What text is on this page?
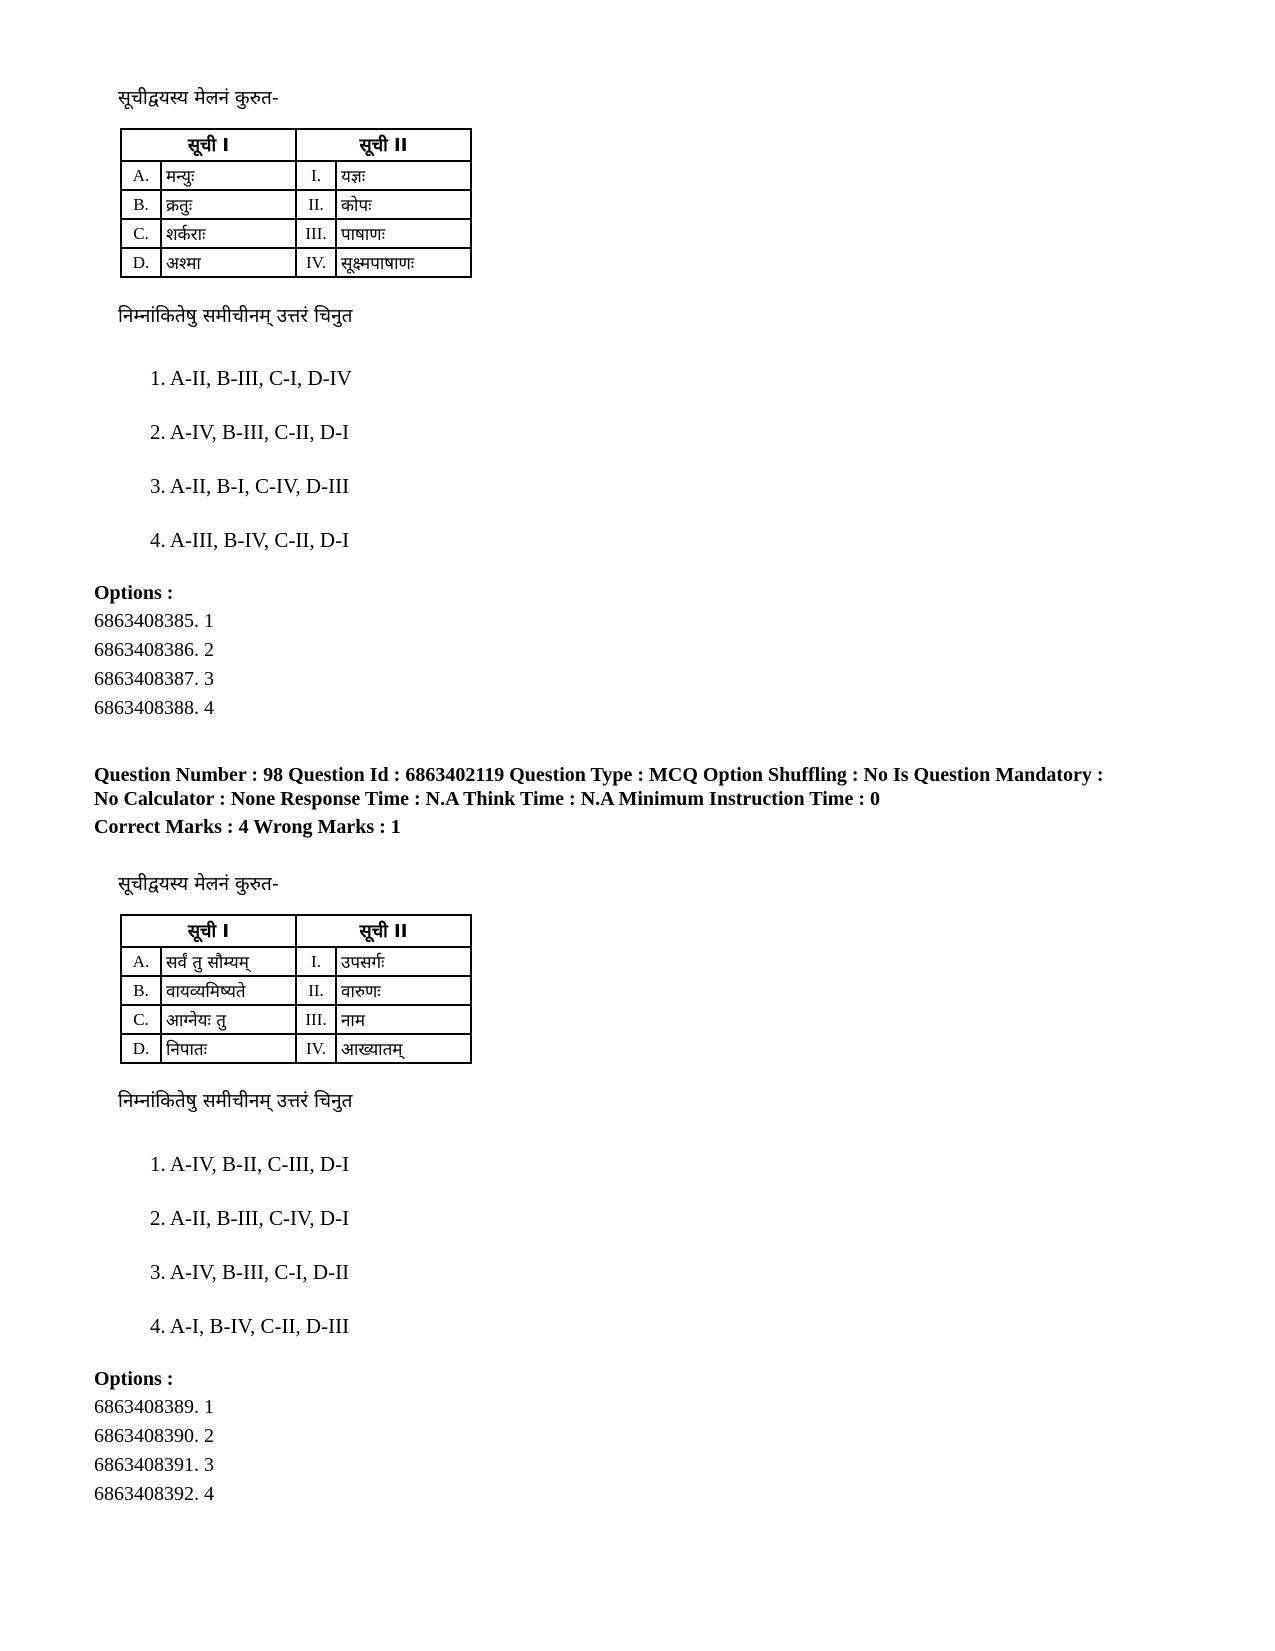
सूचीद्वयस्य मेलनं कुरुत-
सूची I		सूची II	
A.	मन्युः	I.	यज्ञः
B.	क्रतुः	II.	कोपः
C.	शर्कराः	III.	पाषाणः
D.	अश्मा	IV.	सूक्ष्मपाषाणः
निम्नांकितेषु समीचीनम् उत्तरं चिनुत
1. A-II, B-III, C-I, D-IV
2. A-IV, B-III, C-II, D-I
3. A-II, B-I, C-IV, D-III
4. A-III, B-IV, C-II, D-I
Options :
6863408385. 1
6863408386. 2
6863408387. 3
6863408388. 4
Question Number : 98 Question Id : 6863402119 Question Type : MCQ Option Shuffling : No Is Question Mandatory :
No Calculator : None Response Time : N.A Think Time : N.A Minimum Instruction Time : 0
Correct Marks : 4 Wrong Marks : 1
सूचीद्वयस्य मेलनं कुरुत-
सूची I		सूची II	
A.	सर्वं तु सौम्यम्	I.	उपसर्गः
B.	वायव्यमिष्यते	II.	वारुणः
C.	आग्नेयः तु	III.	नाम
D.	निपातः	IV.	आख्यातम्
निम्नांकितेषु समीचीनम् उत्तरं चिनुत
1. A-IV, B-II, C-III, D-I
2. A-II, B-III, C-IV, D-I
3. A-IV, B-III, C-I, D-II
4. A-I, B-IV, C-II, D-III
Options :
6863408389. 1
6863408390. 2
6863408391. 3
6863408392. 4
